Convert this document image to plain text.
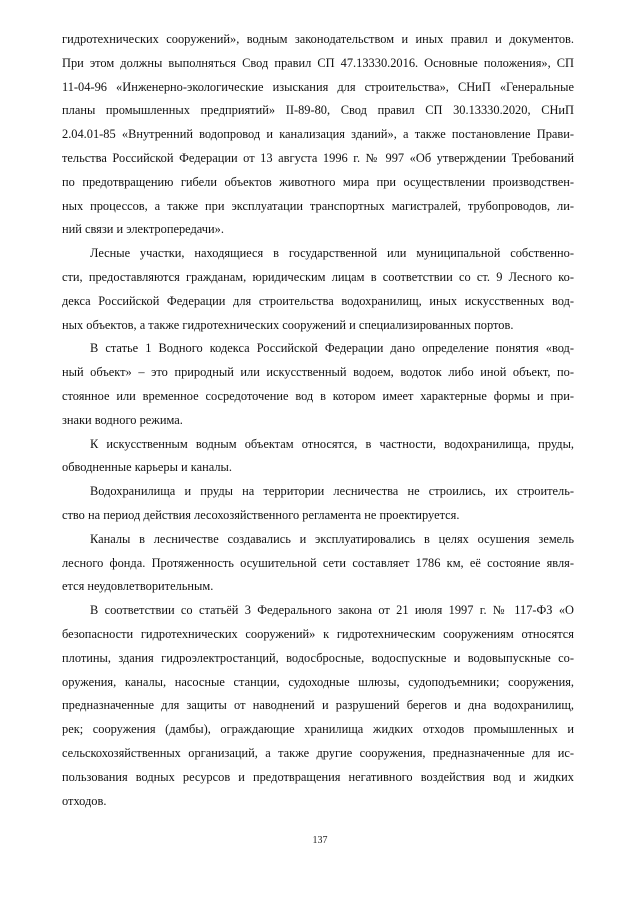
гидротехнических сооружений», водным законодательством и иных правил и документов.
При этом должны выполняться Свод правил СП 47.13330.2016. Основные положения», СП
11-04-96 «Инженерно-экологические изыскания для строительства», СНиП «Генеральные
планы промышленных предприятий» II-89-80, Свод правил СП 30.13330.2020, СНиП
2.04.01-85 «Внутренний водопровод и канализация зданий», а также постановление Прави-
тельства Российской Федерации от 13 августа 1996 г. № 997 «Об утверждении Требований
по предотвращению гибели объектов животного мира при осуществлении производствен-
ных процессов, а также при эксплуатации транспортных магистралей, трубопроводов, ли-
ний связи и электропередачи».
Лесные участки, находящиеся в государственной или муниципальной собственно-
сти, предоставляются гражданам, юридическим лицам в соответствии со ст. 9 Лесного ко-
декса Российской Федерации для строительства водохранилищ, иных искусственных вод-
ных объектов, а также гидротехнических сооружений и специализированных портов.
В статье 1 Водного кодекса Российской Федерации дано определение понятия «вод-
ный объект» – это природный или искусственный водоем, водоток либо иной объект, по-
стоянное или временное сосредоточение вод в котором имеет характерные формы и при-
знаки водного режима.
К искусственным водным объектам относятся, в частности, водохранилища, пруды,
обводненные карьеры и каналы.
Водохранилища и пруды на территории лесничества не строились, их строитель-
ство на период действия лесохозяйственного регламента не проектируется.
Каналы в лесничестве создавались и эксплуатировались в целях осушения земель
лесного фонда. Протяженность осушительной сети составляет 1786 км, её состояние явля-
ется неудовлетворительным.
В соответствии со статьёй 3 Федерального закона от 21 июля 1997 г. № 117-ФЗ «О
безопасности гидротехнических сооружений» к гидротехническим сооружениям относятся
плотины, здания гидроэлектростанций, водосбросные, водоспускные и водовыпускные со-
оружения, каналы, насосные станции, судоходные шлюзы, судоподъемники; сооружения,
предназначенные для защиты от наводнений и разрушений берегов и дна водохранилищ,
рек; сооружения (дамбы), ограждающие хранилища жидких отходов промышленных и
сельскохозяйственных организаций, а также другие сооружения, предназначенные для ис-
пользования водных ресурсов и предотвращения негативного воздействия вод и жидких
отходов.
137
